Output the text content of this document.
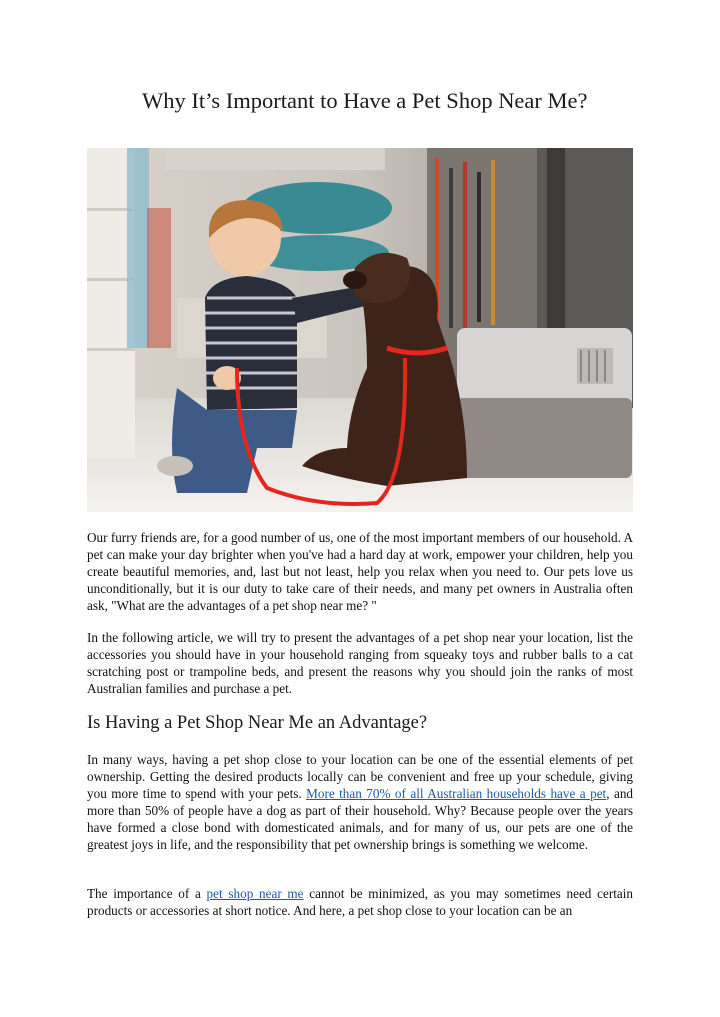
Why It’s Important to Have a Pet Shop Near Me?

Our furry friends are, for a good number of us, one of the most important members of our household. A pet can make your day brighter when you've had a hard day at work, empower your children, help you create beautiful memories, and, last but not least, help you relax when you need to. Our pets love us unconditionally, but it is our duty to take care of their needs, and many pet owners in Australia often ask, "What are the advantages of a pet shop near me? "

In the following article, we will try to present the advantages of a pet shop near your location, list the accessories you should have in your household ranging from squeaky toys and rubber balls to a cat scratching post or trampoline beds, and present the reasons why you should join the ranks of most Australian families and purchase a pet.

Is Having a Pet Shop Near Me an Advantage?

In many ways, having a pet shop close to your location can be one of the essential elements of pet ownership. Getting the desired products locally can be convenient and free up your schedule, giving you more time to spend with your pets. More than 70% of all Australian households have a pet, and more than 50% of people have a dog as part of their household. Why? Because people over the years have formed a close bond with domesticated animals, and for many of us, our pets are one of the greatest joys in life, and the responsibility that pet ownership brings is something we welcome.

The importance of a pet shop near me cannot be minimized, as you may sometimes need certain products or accessories at short notice. And here, a pet shop close to your location can be an
